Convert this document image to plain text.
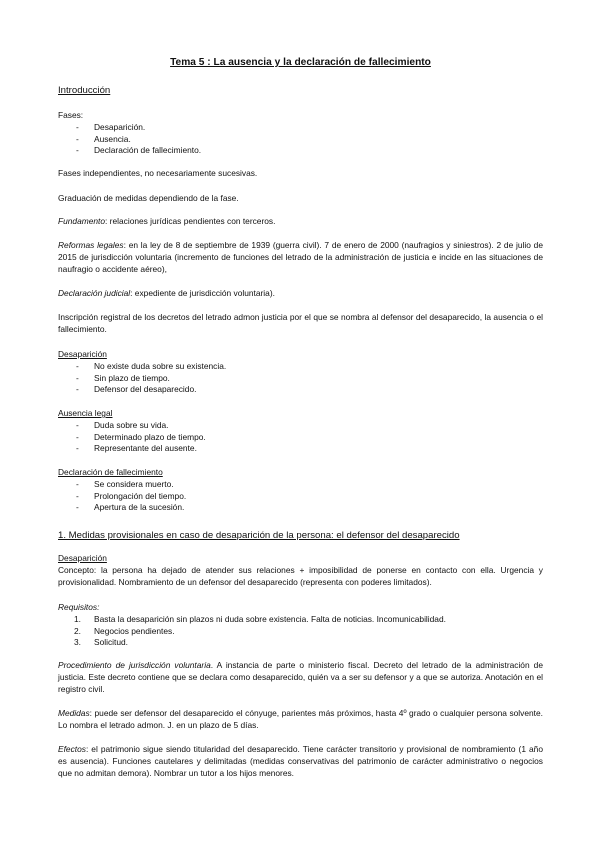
Tema 5 : La ausencia y la declaración de fallecimiento
Introducción

Fases:

- Desaparición.
- Ausencia.
- Declaración de fallecimiento.

Fases independientes, no necesariamente sucesivas.

Graduación de medidas dependiendo de la fase.

Fundamento: relaciones jurídicas pendientes con terceros.

Reformas legales: en la ley de 8 de septiembre de 1939 (guerra civil). 7 de enero de 2000 (naufragios y siniestros). 2 de julio de 2015 de jurisdicción voluntaria (incremento de funciones del letrado de la administración de justicia e incide en las situaciones de naufragio o accidente aéreo),

Declaración judicial: expediente de jurisdicción voluntaria).

Inscripción registral de los decretos del letrado admon justicia por el que se nombra al defensor del desaparecido, la ausencia o el fallecimiento.

Desaparición

- No existe duda sobre su existencia.
- Sin plazo de tiempo.
- Defensor del desaparecido.

Ausencia legal

- Duda sobre su vida.
- Determinado plazo de tiempo.
- Representante del ausente.

Declaración de fallecimiento

- Se considera muerto.
- Prolongación del tiempo.
- Apertura de la sucesión.
1. Medidas provisionales en caso de desaparición de la persona: el defensor del desaparecido

Desaparición

Concepto: la persona ha dejado de atender sus relaciones + imposibilidad de ponerse en contacto con ella. Urgencia y provisionalidad. Nombramiento de un defensor del desaparecido (representa con poderes limitados).

Requisitos:

1. Basta la desaparición sin plazos ni duda sobre existencia. Falta de noticias. Incomunicabilidad.
2. Negocios pendientes.
3. Solicitud.

Procedimiento de jurisdicción voluntaria. A instancia de parte o ministerio fiscal. Decreto del letrado de la administración de justicia. Este decreto contiene que se declara como desaparecido, quién va a ser su defensor y a que se autoriza. Anotación en el registro civil.

Medidas: puede ser defensor del desaparecido el cónyuge, parientes más próximos, hasta 4º grado o cualquier persona solvente. Lo nombra el letrado admon. J. en un plazo de 5 días.

Efectos: el patrimonio sigue siendo titularidad del desaparecido. Tiene carácter transitorio y provisional de nombramiento (1 año es ausencia). Funciones cautelares y delimitadas (medidas conservativas del patrimonio de carácter administrativo o negocios que no admitan demora). Nombrar un tutor a los hijos menores.
